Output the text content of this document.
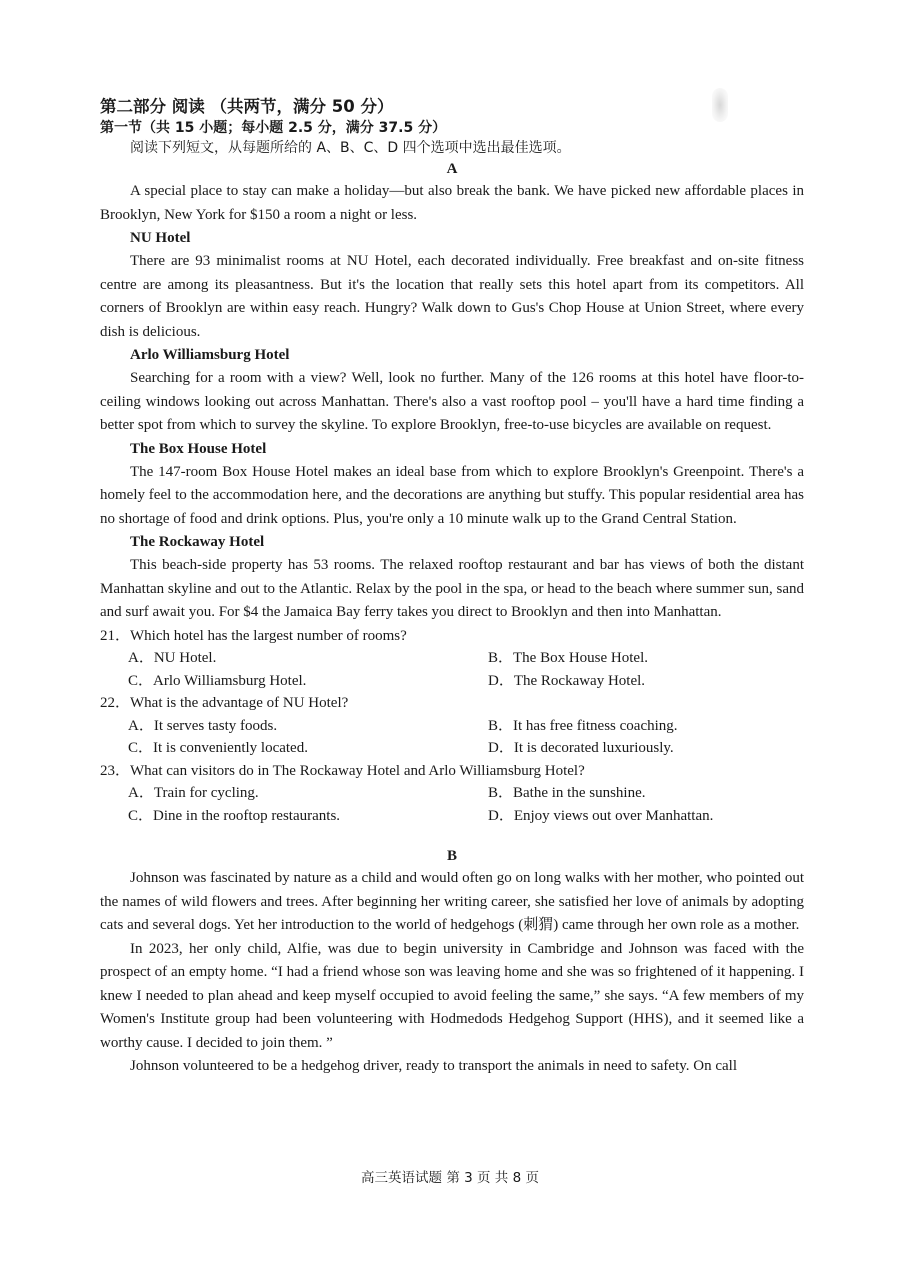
第二部分 阅读 （共两节，满分 50 分）
第一节（共 15 小题；每小题 2.5 分，满分 37.5 分）
阅读下列短文，从每题所给的 A、B、C、D 四个选项中选出最佳选项。
A

A special place to stay can make a holiday—but also break the bank. We have picked new affordable places in Brooklyn, New York for $150 a room a night or less.

NU Hotel

There are 93 minimalist rooms at NU Hotel, each decorated individually. Free breakfast and on-site fitness centre are among its pleasantness. But it's the location that really sets this hotel apart from its competitors. All corners of Brooklyn are within easy reach. Hungry? Walk down to Gus's Chop House at Union Street, where every dish is delicious.

Arlo Williamsburg Hotel

Searching for a room with a view? Well, look no further. Many of the 126 rooms at this hotel have floor-to-ceiling windows looking out across Manhattan. There's also a vast rooftop pool – you'll have a hard time finding a better spot from which to survey the skyline. To explore Brooklyn, free-to-use bicycles are available on request.

The Box House Hotel

The 147-room Box House Hotel makes an ideal base from which to explore Brooklyn's Greenpoint. There's a homely feel to the accommodation here, and the decorations are anything but stuffy. This popular residential area has no shortage of food and drink options. Plus, you're only a 10 minute walk up to the Grand Central Station.

The Rockaway Hotel

This beach-side property has 53 rooms. The relaxed rooftop restaurant and bar has views of both the distant Manhattan skyline and out to the Atlantic. Relax by the pool in the spa, or head to the beach where summer sun, sand and surf await you. For $4 the Jamaica Bay ferry takes you direct to Brooklyn and then into Manhattan.

21．Which hotel has the largest number of rooms?
A．NU Hotel.	B．The Box House Hotel.
C．Arlo Williamsburg Hotel.	D．The Rockaway Hotel.
22．What is the advantage of NU Hotel?
A．It serves tasty foods.	B．It has free fitness coaching.
C．It is conveniently located.	D．It is decorated luxuriously.
23．What can visitors do in The Rockaway Hotel and Arlo Williamsburg Hotel?
A．Train for cycling.	B．Bathe in the sunshine.
C．Dine in the rooftop restaurants.	D．Enjoy views out over Manhattan.
B

Johnson was fascinated by nature as a child and would often go on long walks with her mother, who pointed out the names of wild flowers and trees. After beginning her writing career, she satisfied her love of animals by adopting cats and several dogs. Yet her introduction to the world of hedgehogs (刺猬) came through her own role as a mother.

In 2023, her only child, Alfie, was due to begin university in Cambridge and Johnson was faced with the prospect of an empty home. “I had a friend whose son was leaving home and she was so frightened of it happening. I knew I needed to plan ahead and keep myself occupied to avoid feeling the same,” she says. “A few members of my Women's Institute group had been volunteering with Hodmedods Hedgehog Support (HHS), and it seemed like a worthy cause. I decided to join them. ”

Johnson volunteered to be a hedgehog driver, ready to transport the animals in need to safety. On call

高三英语试题 第 3 页 共 8 页
